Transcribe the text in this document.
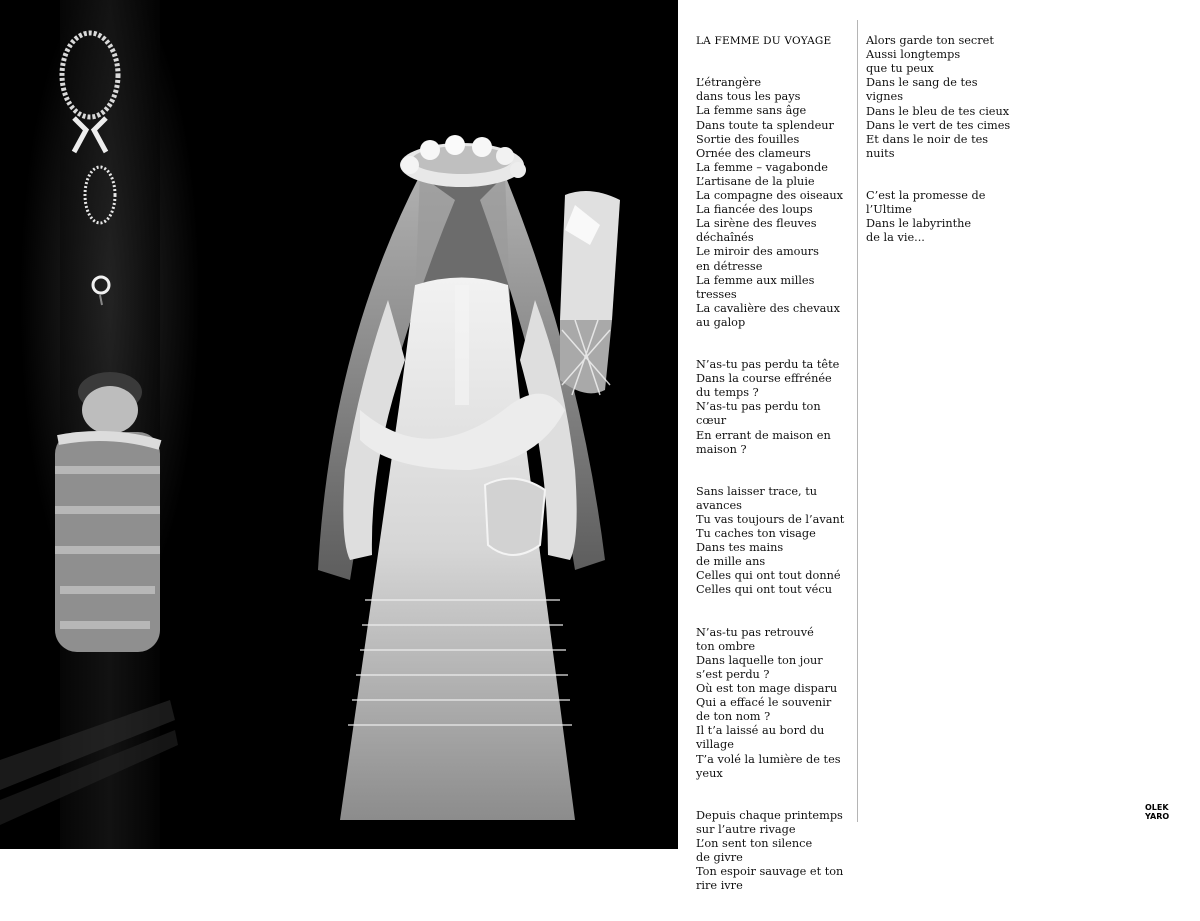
LA FEMME DU VOYAGE

L’étrangère
dans tous les pays
La femme sans âge
Dans toute ta splendeur
Sortie des fouilles
Ornée des clameurs
La femme – vagabonde
L’artisane de la pluie
La compagne des oiseaux
La fiancée des loups
La sirène des fleuves
déchaînés
Le miroir des amours
en détresse
La femme aux milles
tresses
La cavalière des chevaux
au galop

N’as-tu pas perdu ta tête
Dans la course effrénée
du temps ?
N’as-tu pas perdu ton
cœur
En errant de maison en
maison ?

Sans laisser trace, tu
avances
Tu vas toujours de l’avant
Tu caches ton visage
Dans tes mains
de mille ans
Celles qui ont tout donné
Celles qui ont tout vécu

N’as-tu pas retrouvé
ton ombre
Dans laquelle ton jour
s’est perdu ?
Où est ton mage disparu
Qui a effacé le souvenir
de ton nom ?
Il t’a laissé au bord du
village
T’a volé la lumière de tes
yeux

Depuis chaque printemps
sur l’autre rivage
L’on sent ton silence
de givre
Ton espoir sauvage et ton
rire ivre

Alors garde ton secret
Aussi longtemps
que tu peux
Dans le sang de tes
vignes
Dans le bleu de tes cieux
Dans le vert de tes cimes
Et dans le noir de tes
nuits

C’est la promesse de
l’Ultime
Dans le labyrinthe
de la vie...

OLEK
YARO
